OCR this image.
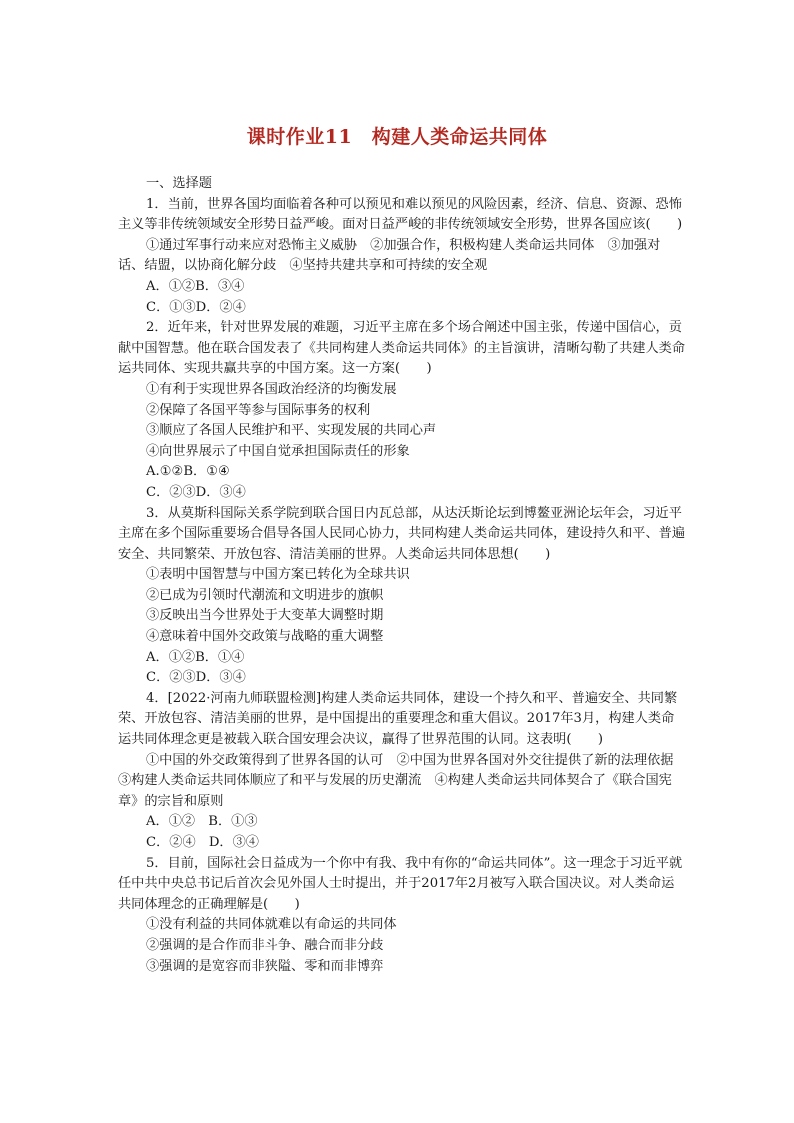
课时作业11　构建人类命运共同体

一、选择题

1．当前，世界各国均面临着各种可以预见和难以预见的风险因素，经济、信息、资源、恐怖主义等非传统领域安全形势日益严峻。面对日益严峻的非传统领域安全形势，世界各国应该(　　)

①通过军事行动来应对恐怖主义威胁　②加强合作，积极构建人类命运共同体　③加强对话、结盟，以协商化解分歧　④坚持共建共享和可持续的安全观

A．①②B．③④

C．①③D．②④

2．近年来，针对世界发展的难题，习近平主席在多个场合阐述中国主张，传递中国信心，贡献中国智慧。他在联合国发表了《共同构建人类命运共同体》的主旨演讲，清晰勾勒了共建人类命运共同体、实现共赢共享的中国方案。这一方案(　　)

①有利于实现世界各国政治经济的均衡发展

②保障了各国平等参与国际事务的权利

③顺应了各国人民维护和平、实现发展的共同心声

④向世界展示了中国自觉承担国际责任的形象

A.①②B．①④

C．②③D．③④

3．从莫斯科国际关系学院到联合国日内瓦总部，从达沃斯论坛到博鳌亚洲论坛年会，习近平主席在多个国际重要场合倡导各国人民同心协力，共同构建人类命运共同体，建设持久和平、普遍安全、共同繁荣、开放包容、清洁美丽的世界。人类命运共同体思想(　　)

①表明中国智慧与中国方案已转化为全球共识

②已成为引领时代潮流和文明进步的旗帜

③反映出当今世界处于大变革大调整时期

④意味着中国外交政策与战略的重大调整

A．①②B．①④

C．②③D．③④

4．[2022·河南九师联盟检测]构建人类命运共同体，建设一个持久和平、普遍安全、共同繁荣、开放包容、清洁美丽的世界，是中国提出的重要理念和重大倡议。2017年3月，构建人类命运共同体理念更是被载入联合国安理会决议，赢得了世界范围的认同。这表明(　　)

①中国的外交政策得到了世界各国的认可　②中国为世界各国对外交往提供了新的法理依据　③构建人类命运共同体顺应了和平与发展的历史潮流　④构建人类命运共同体契合了《联合国宪章》的宗旨和原则

A．①②　B．①③

C．②④　D．③④

5．目前，国际社会日益成为一个你中有我、我中有你的“命运共同体”。这一理念于习近平就任中共中央总书记后首次会见外国人士时提出，并于2017年2月被写入联合国决议。对人类命运共同体理念的正确理解是(　　)

①没有利益的共同体就难以有命运的共同体

②强调的是合作而非斗争、融合而非分歧

③强调的是宽容而非狭隘、零和而非博弈
